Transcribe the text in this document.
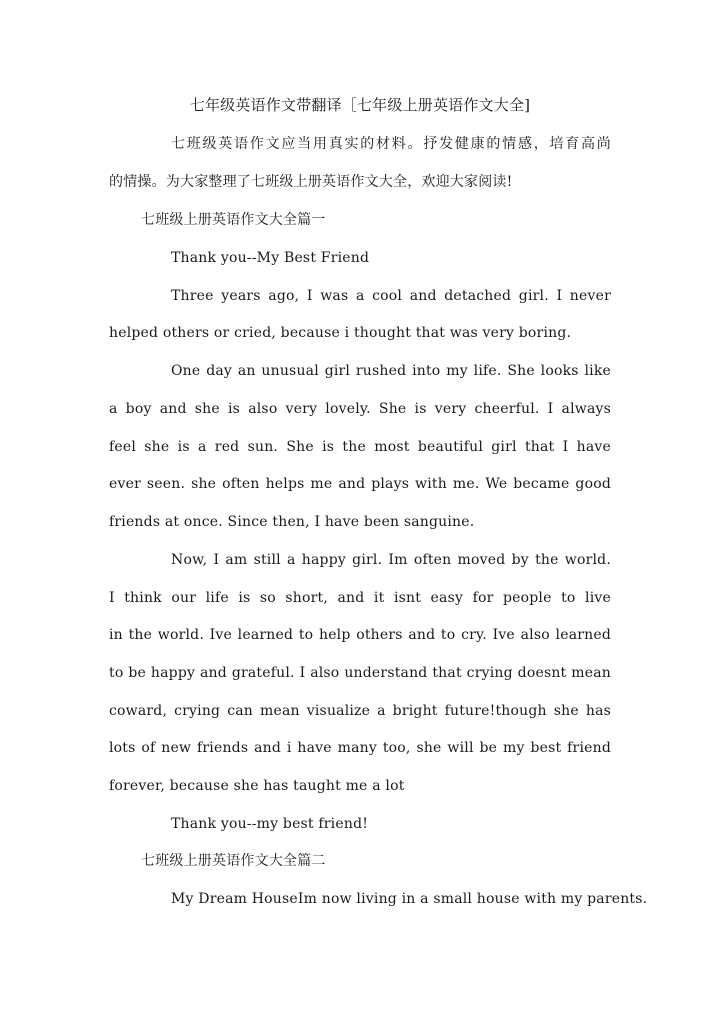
七年级英语作文带翻译［七年级上册英语作文大全]
七班级英语作文应当用真实的材料。抒发健康的情感，培育高尚
的情操。为大家整理了七班级上册英语作文大全，欢迎大家阅读!
七班级上册英语作文大全篇一
Thank you--My Best Friend
Three years ago, I was a cool and detached girl. I never
helped others or cried, because i thought that was very boring.
One day an unusual girl rushed into my life. She looks like
a boy and she is also very lovely. She is very cheerful. I always
feel she is a red sun. She is the most beautiful girl that I have
ever seen. she often helps me and plays with me. We became good
friends at once. Since then, I have been sanguine.
Now, I am still a happy girl. Im often moved by the world.
I think our life is so short, and it isnt easy for people to live
in the world. Ive learned to help others and to cry. Ive also learned
to be happy and grateful. I also understand that crying doesnt mean
coward, crying can mean visualize a bright future!though she has
lots of new friends and i have many too, she will be my best friend
forever, because she has taught me a lot
Thank you--my best friend!
七班级上册英语作文大全篇二
My Dream HouseIm now living in a small house with my parents.
